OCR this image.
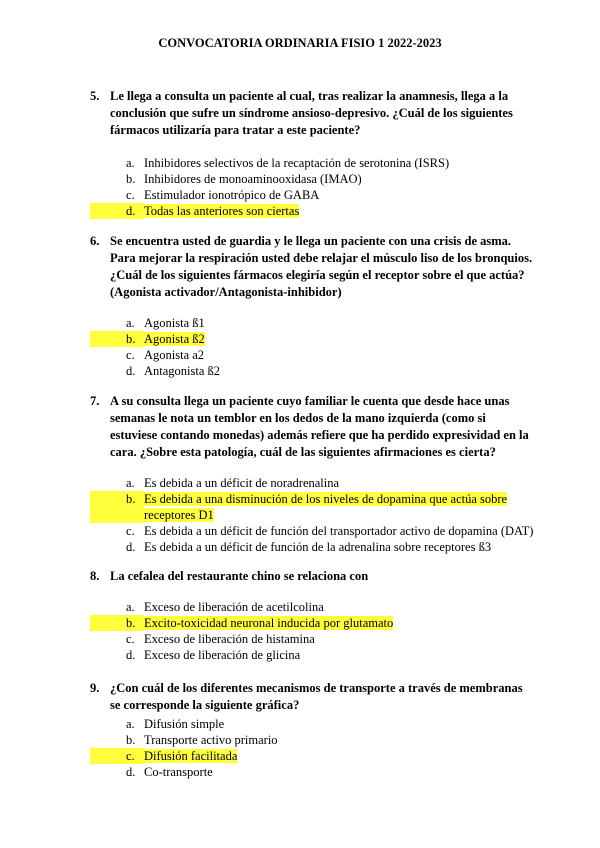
CONVOCATORIA ORDINARIA FISIO 1 2022-2023
5. Le llega a consulta un paciente al cual, tras realizar la anamnesis, llega a la conclusión que sufre un síndrome ansioso-depresivo. ¿Cuál de los siguientes fármacos utilizaría para tratar a este paciente?
a. Inhibidores selectivos de la recaptación de serotonina (ISRS)
b. Inhibidores de monoaminooxidasa (IMAO)
c. Estimulador ionotrópico de GABA
d. Todas las anteriores son ciertas
6. Se encuentra usted de guardia y le llega un paciente con una crisis de asma. Para mejorar la respiración usted debe relajar el músculo liso de los bronquios. ¿Cuál de los siguientes fármacos elegiría según el receptor sobre el que actúa? (Agonista activador/Antagonista-inhibidor)
a. Agonista ß1
b. Agonista ß2
c. Agonista a2
d. Antagonista ß2
7. A su consulta llega un paciente cuyo familiar le cuenta que desde hace unas semanas le nota un temblor en los dedos de la mano izquierda (como si estuviese contando monedas) además refiere que ha perdido expresividad en la cara. ¿Sobre esta patología, cuál de las siguientes afirmaciones es cierta?
a. Es debida a un déficit de noradrenalina
b. Es debida a una disminución de los niveles de dopamina que actúa sobre receptores D1
c. Es debida a un déficit de función del transportador activo de dopamina (DAT)
d. Es debida a un déficit de función de la adrenalina sobre receptores ß3
8. La cefalea del restaurante chino se relaciona con
a. Exceso de liberación de acetilcolina
b. Excito-toxicidad neuronal inducida por glutamato
c. Exceso de liberación de histamina
d. Exceso de liberación de glicina
9. ¿Con cuál de los diferentes mecanismos de transporte a través de membranas se corresponde la siguiente gráfica?
a. Difusión simple
b. Transporte activo primario
c. Difusión facilitada
d. Co-transporte
